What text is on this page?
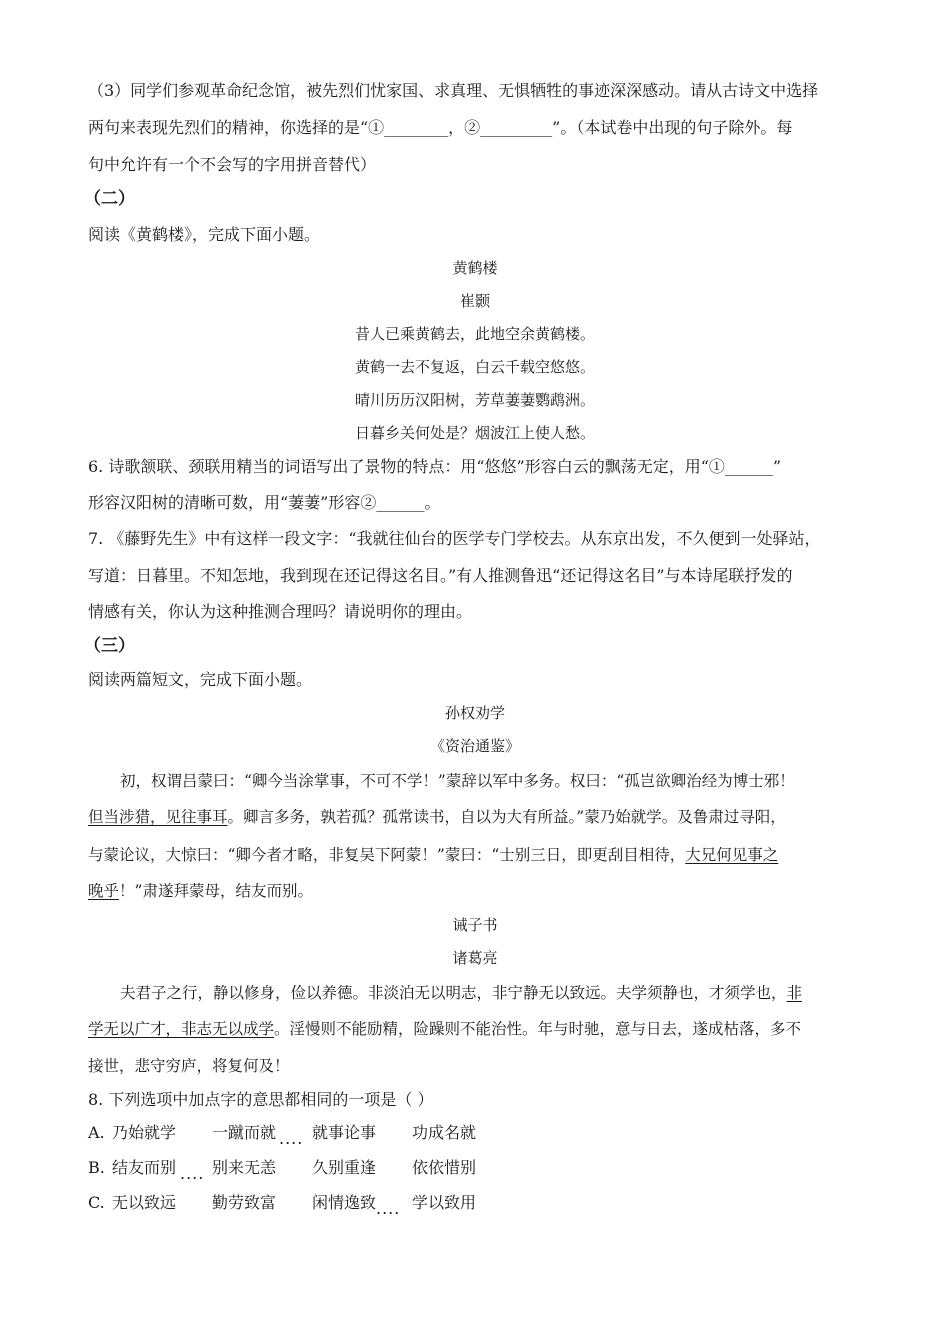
（3）同学们参观革命纪念馆，被先烈们忧家国、求真理、无惧牺牲的事迹深深感动。请从古诗文中选择
两句来表现先烈们的精神，你选择的是“①________，②_________”。（本试卷中出现的句子除外。每
句中允许有一个不会写的字用拼音替代）
（二）
阅读《黄鹤楼》，完成下面小题。
黄鹤楼
崔颢
昔人已乘黄鹤去，此地空余黄鹤楼。
黄鹤一去不复返，白云千载空悠悠。
晴川历历汉阳树，芳草萋萋鹦鹉洲。
日暮乡关何处是？烟波江上使人愁。
6. 诗歌颔联、颈联用精当的词语写出了景物的特点：用“悠悠”形容白云的飘荡无定，用“①______”
形容汉阳树的清晰可数，用“萋萋”形容②______。
7. 《藤野先生》中有这样一段文字：“我就往仙台的医学专门学校去。从东京出发，不久便到一处驿站，
写道：日暮里。不知怎地，我到现在还记得这名目。”有人推测鲁迅“还记得这名目”与本诗尾联抒发的
情感有关，你认为这种推测合理吗？请说明你的理由。
（三）
阅读两篇短文，完成下面小题。
孙权劝学
《资治通鉴》
初，权谓吕蒙曰：“卿今当涂掌事，不可不学！”蒙辞以军中多务。权曰：“孤岂欲卿治经为博士邪！
但当涉猎，见往事耳。卿言多务，孰若孤？孤常读书，自以为大有所益。”蒙乃始就学。及鲁肃过寻阳，
与蒙论议，大惊曰：“卿今者才略，非复吴下阿蒙！”蒙曰：“士别三日，即更刮目相待，大兄何见事之
晚乎！”肃遂拜蒙母，结友而别。
诫子书
诸葛亮
夫君子之行，静以修身，俭以养德。非淡泊无以明志，非宁静无以致远。夫学须静也，才须学也，非
学无以广才，非志无以成学。淫慢则不能励精，险躁则不能治性。年与时驰，意与日去，遂成枯落，多不
接世，悲守穷庐，将复何及！
8. 下列选项中加点字的意思都相同的一项是（ ）
A. 乃始就学 一蹴而就 .... 就事论事 功成名就
B. 结友而别 .... 别来无恙 久别重逢 依依惜别
C. 无以致远 勤劳致富 闲情逸致.... 学以致用
